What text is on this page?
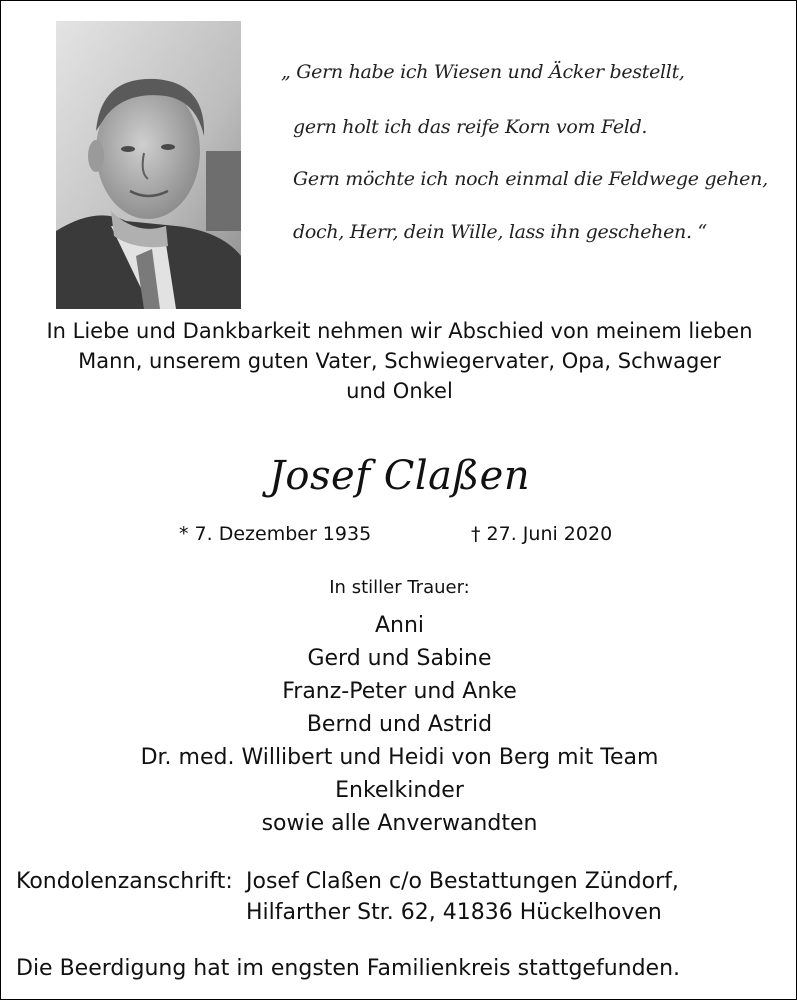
„ Gern habe ich Wiesen und Äcker bestellt,

gern holt ich das reife Korn vom Feld.

Gern möchte ich noch einmal die Feldwege gehen,

doch, Herr, dein Wille, lass ihn geschehen. “

In Liebe und Dankbarkeit nehmen wir Abschied von meinem lieben

Mann, unserem guten Vater, Schwiegervater, Opa, Schwager

und Onkel

Josef Claßen

* 7. Dezember 1935	† 27. Juni 2020

In stiller Trauer:

Anni
Gerd und Sabine
Franz-Peter und Anke
Bernd und Astrid
Dr. med. Willibert und Heidi von Berg mit Team
Enkelkinder
sowie alle Anverwandten

Kondolenzanschrift: Josef Claßen c/o Bestattungen Zündorf,

Hilfarther Str. 62, 41836 Hückelhoven

Die Beerdigung hat im engsten Familienkreis stattgefunden.
